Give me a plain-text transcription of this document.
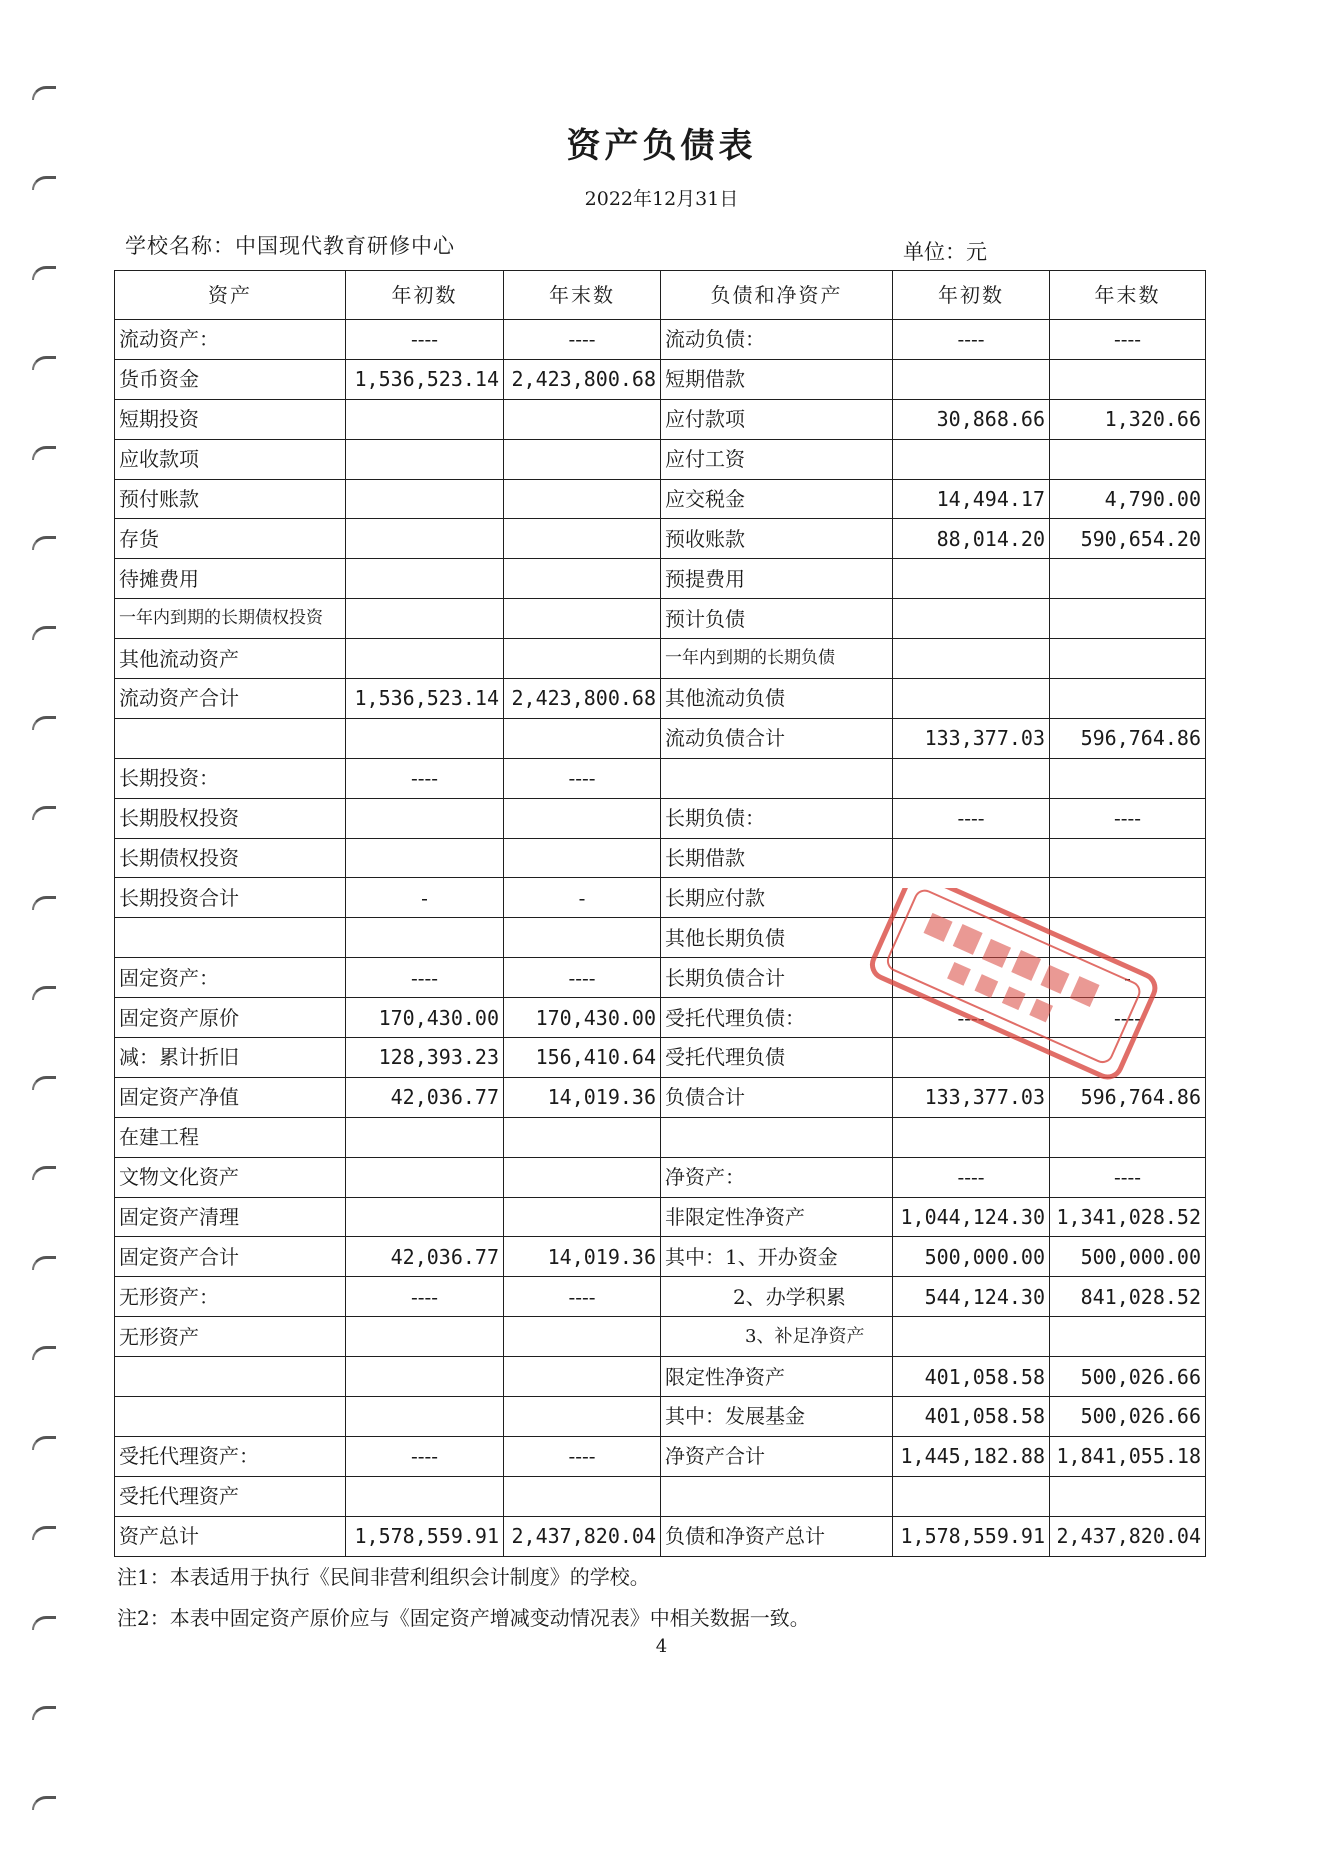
资产负债表
2022年12月31日
学校名称：中国现代教育研修中心	单位：元
资产	年初数	年末数	负债和净资产	年初数	年末数
流动资产：	----	----	流动负债：	----	----
货币资金	1,536,523.14	2,423,800.68	短期借款		
短期投资			应付款项	30,868.66	1,320.66
应收款项			应付工资		
预付账款			应交税金	14,494.17	4,790.00
存货			预收账款	88,014.20	590,654.20
待摊费用			预提费用		
一年内到期的长期债权投资			预计负债		
其他流动资产			一年内到期的长期负债		
流动资产合计	1,536,523.14	2,423,800.68	其他流动负债		
			流动负债合计	133,377.03	596,764.86
长期投资：	----	----			
长期股权投资			长期负债：	----	----
长期债权投资			长期借款		
长期投资合计	-	-	长期应付款		
			其他长期负债		
固定资产：	----	----	长期负债合计		-
固定资产原价	170,430.00	170,430.00	受托代理负债：	----	----
减：累计折旧	128,393.23	156,410.64	受托代理负债		
固定资产净值	42,036.77	14,019.36	负债合计	133,377.03	596,764.86
在建工程					
文物文化资产			净资产：	----	----
固定资产清理			非限定性净资产	1,044,124.30	1,341,028.52
固定资产合计	42,036.77	14,019.36	其中：1、开办资金	500,000.00	500,000.00
无形资产：	----	----	2、办学积累	544,124.30	841,028.52
无形资产			3、补足净资产		
			限定性净资产	401,058.58	500,026.66
			其中：发展基金	401,058.58	500,026.66
受托代理资产：	----	----	净资产合计	1,445,182.88	1,841,055.18
受托代理资产					
资产总计	1,578,559.91	2,437,820.04	负债和净资产总计	1,578,559.91	2,437,820.04
注1：本表适用于执行《民间非营利组织会计制度》的学校。
注2：本表中固定资产原价应与《固定资产增减变动情况表》中相关数据一致。
4
